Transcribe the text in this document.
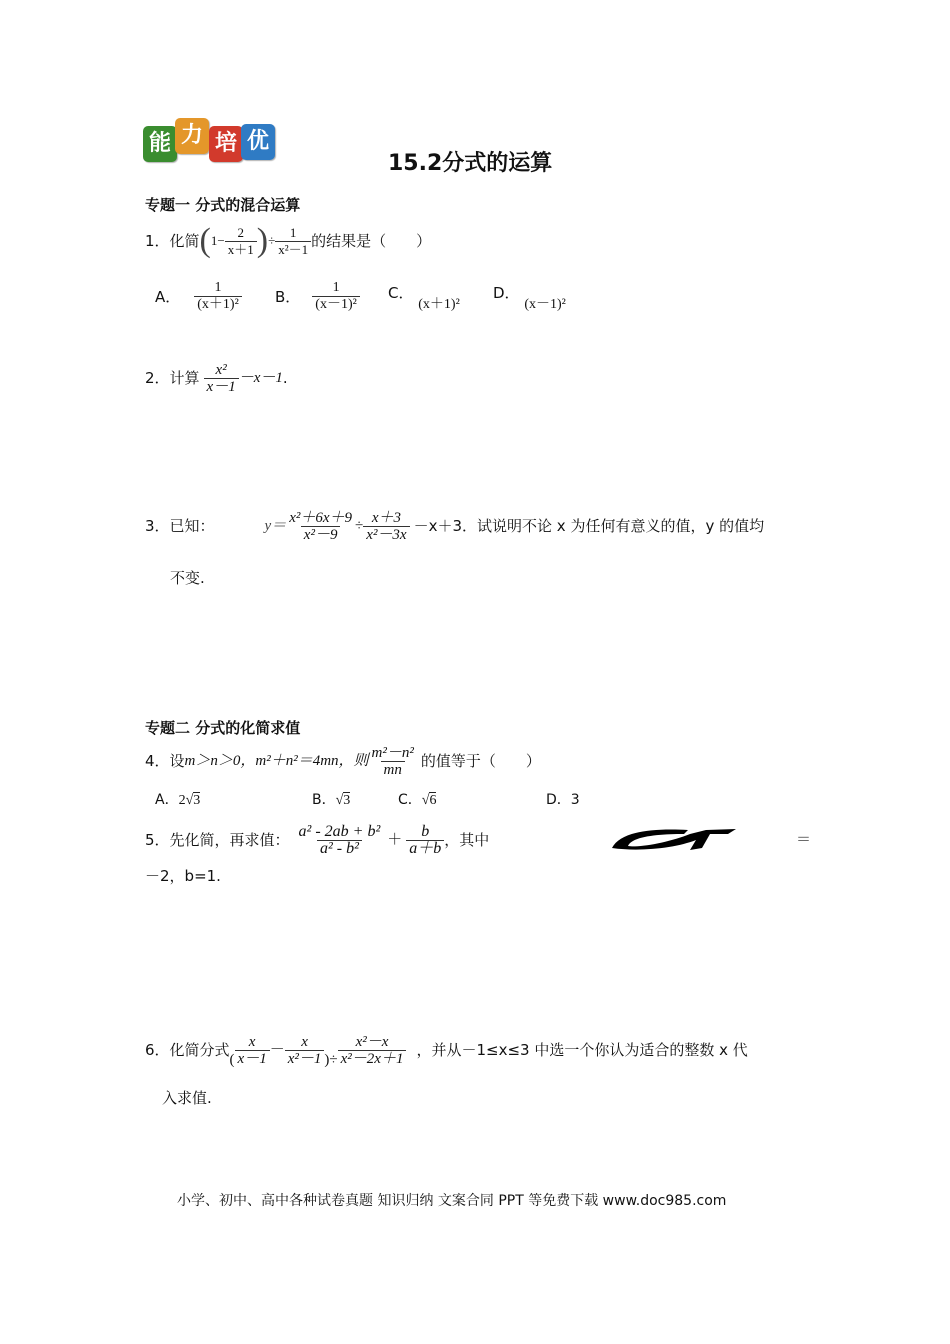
能 力 培 优
15.2分式的运算
专题一 分式的混合运算
1．化简 ( $1 - \frac{2}{x+1}$ ) ÷ $\frac{1}{\text{x²－1}}$ 的结果是（　　）
A． $\frac{1}{\text{(x＋1)²}}$ B． $\frac{1}{\text{(x－1)²}}$ C． (x＋1)²
D． (x－1)²
2．计算 $\frac{\text{x²}}{x-1} -x-1$ .
3．已知：	$y= \frac{\text{x²＋6x＋9}}{\text{x²－9}} \div \frac{x+3}{\text{x²－3x}} -x+3$．试说明不论 x 为任何有意义的值，y 的值均
不变.
专题二 分式的化简求值
4．设 m＞n＞0，m²＋n²＝4mn，则 $\frac{\text{m²－n²}}{mn}$ 的值等于（　　）
A．2√3	B．√3	C．√6	D．3
5．先化简，再求值： $\frac{\text{a² - 2ab + b²}}{\text{a² - b²}} + \frac{b}{a+b}$ ，其中	＝
－2，b=1.
6．化简分式
( $\frac{x}{x-1} - \frac{x}{\text{x²－1}}$ )÷ $\frac{\text{x²－x}}{\text{x²－2x＋1}}$ ，并从－1≤x≤3 中选一个你认为适合的整数 x 代
入求值.
小学、初中、高中各种试卷真题 知识归纳 文案合同 PPT 等免费下载 www.doc985.com
